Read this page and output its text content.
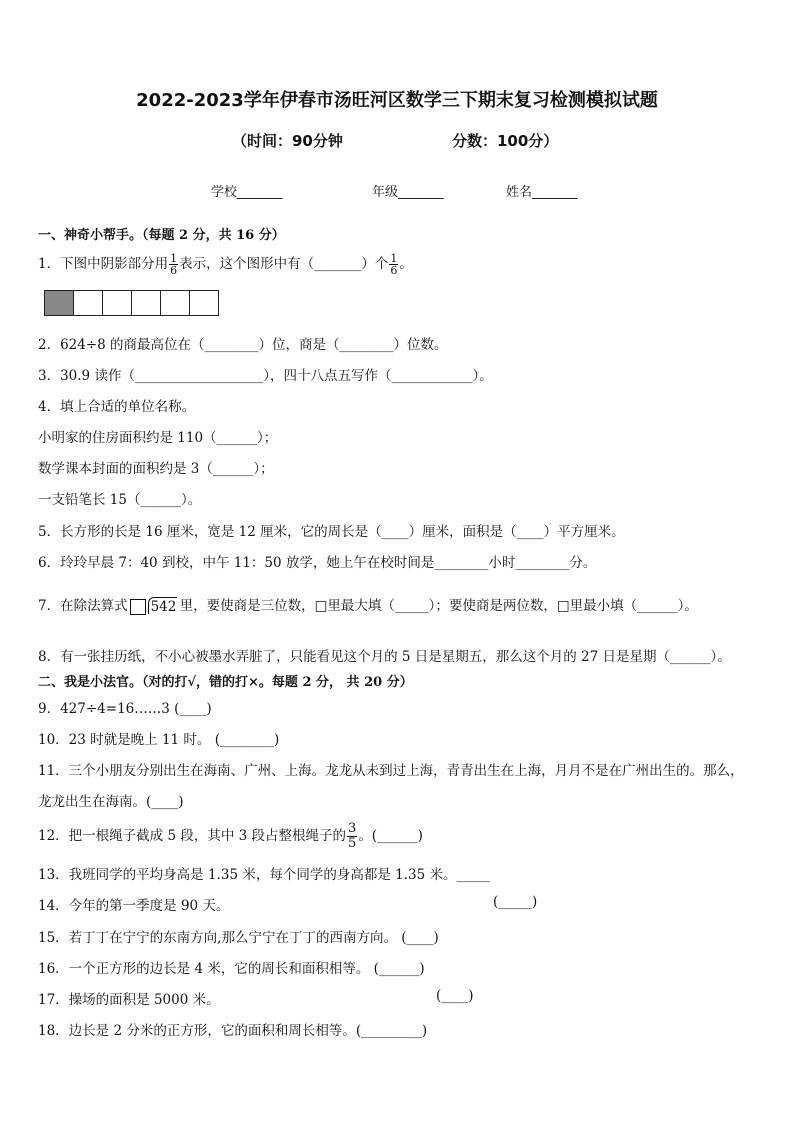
2022-2023学年伊春市汤旺河区数学三下期末复习检测模拟试题
（时间：90分钟	分数：100分）
学校_______	年级_______	姓名_______
一、神奇小帮手。（每题 2 分，共 16 分）
1．下图中阴影部分用 $\frac{1}{6}$ 表示，这个图形中有（_______）个 $\frac{1}{6}$ 。
2．624÷8 的商最高位在（________）位，商是（________）位数。
3．30.9 读作（___________________），四十八点五写作（____________）。
4．填上合适的单位名称。
小明家的住房面积约是 110（______）；
数学课本封面的面积约是 3（______）；
一支铅笔长 15（______）。
5．长方形的长是 16 厘米，宽是 12 厘米，它的周长是（____）厘米，面积是（____）平方厘米。
6．玲玲早晨 7：40 到校，中午 11：50 放学，她上午在校时间是________小时________分。
7．在除法算式 542 里，要使商是三位数，□里最大填（_____）；要使商是两位数，□里最小填（______）。
8．有一张挂历纸，不小心被墨水弄脏了，只能看见这个月的 5 日是星期五，那么这个月的 27 日是星期（______）。
二、我是小法官。（对的打√，错的打×。每题 2 分， 共 20 分）
9．427÷4=16……3 (____)
10．23 时就是晚上 11 时。 (________)
11．三个小朋友分别出生在海南、广州、上海。龙龙从未到过上海，青青出生在上海，月月不是在广州出生的。那么，
龙龙出生在海南。(____)
12．把一根绳子截成 5 段，其中 3 段占整根绳子的 $\frac{3}{5}$ 。(______)
13．我班同学的平均身高是 1.35 米，每个同学的身高都是 1.35 米。_____
14．今年的第一季度是 90 天。	(_____)
15．若丁丁在宁宁的东南方向,那么宁宁在丁丁的西南方向。 (____)
16．一个正方形的边长是 4 米，它的周长和面积相等。 (______)
17．操场的面积是 5000 米。	(____)
18．边长是 2 分米的正方形，它的面积和周长相等。(_________)
